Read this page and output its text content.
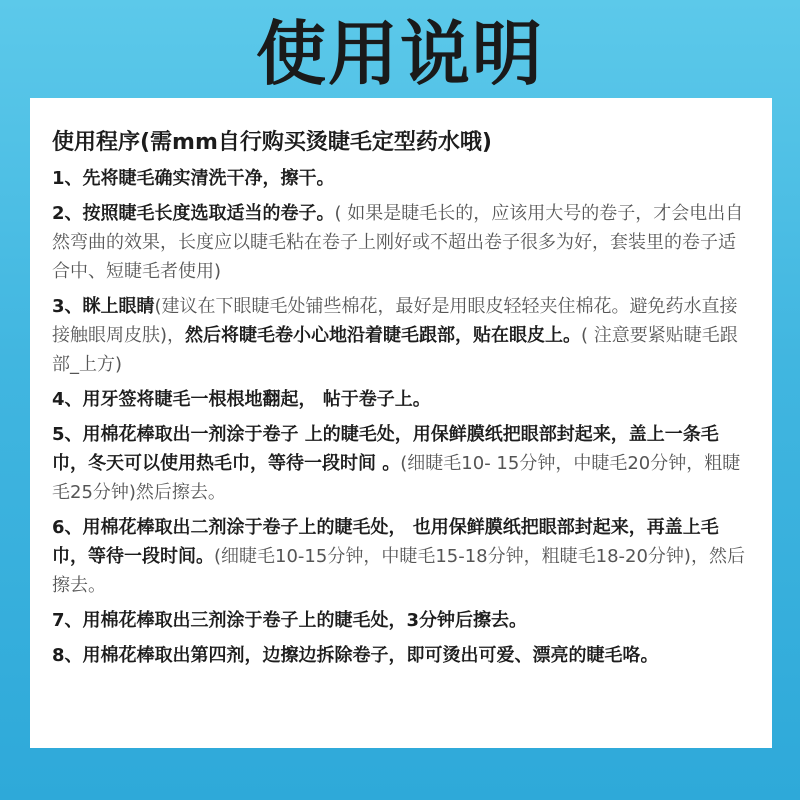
使用说明
使用程序(需mm自行购买烫睫毛定型药水哦)
1、先将睫毛确实清洗干净，擦干。
2、按照睫毛长度选取适当的卷子。( 如果是睫毛长的，应该用大号的卷子，才会电出自然弯曲的效果，长度应以睫毛粘在卷子上刚好或不超出卷子很多为好，套装里的卷子适合中、短睫毛者使用)
3、眯上眼睛(建议在下眼睫毛处铺些棉花，最好是用眼皮轻轻夹住棉花。避免药水直接接触眼周皮肤)，然后将睫毛卷小心地沿着睫毛跟部，贴在眼皮上。( 注意要紧贴睫毛跟部_上方)
4、用牙签将睫毛一根根地翻起， 帖于卷子上。
5、用棉花棒取出一剂涂于卷子 上的睫毛处，用保鲜膜纸把眼部封起来，盖上一条毛巾，冬天可以使用热毛巾，等待一段时间 。(细睫毛10- 15分钟，中睫毛20分钟，粗睫毛25分钟)然后擦去。
6、用棉花棒取出二剂涂于卷子上的睫毛处， 也用保鲜膜纸把眼部封起来，再盖上毛巾，等待一段时间。(细睫毛10-15分钟，中睫毛15-18分钟，粗睫毛18-20分钟)，然后擦去。
7、用棉花棒取出三剂涂于卷子上的睫毛处，3分钟后擦去。
8、用棉花棒取出第四剂，边擦边拆除卷子，即可烫出可爱、漂亮的睫毛咯。
